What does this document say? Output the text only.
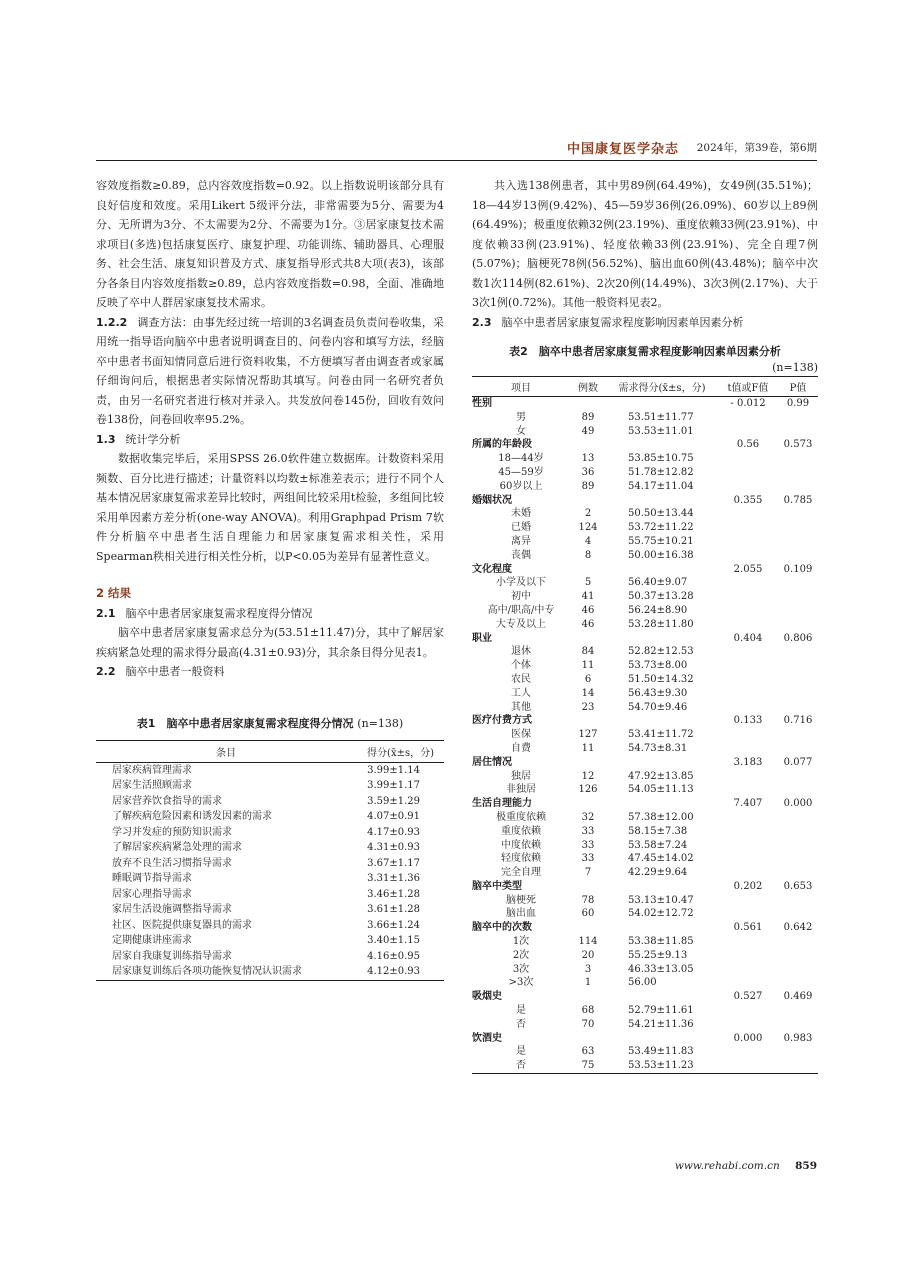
中国康复医学杂志 2024年，第39卷，第6期

容效度指数≥0.89，总内容效度指数=0.92。以上指数说明该部分具有良好信度和效度。采用Likert 5级评分法，非常需要为5分、需要为4分、无所谓为3分、不太需要为2分、不需要为1分。③居家康复技术需求项目(多选)包括康复医疗、康复护理、功能训练、辅助器具、心理服务、社会生活、康复知识普及方式、康复指导形式共8大项(表3)，该部分各条目内容效度指数≥0.89，总内容效度指数=0.98，全面、准确地反映了卒中人群居家康复技术需求。

1.2.2 调查方法：由事先经过统一培训的3名调查员负责问卷收集，采用统一指导语向脑卒中患者说明调查目的、问卷内容和填写方法，经脑卒中患者书面知情同意后进行资料收集，不方便填写者由调查者或家属仔细询问后，根据患者实际情况帮助其填写。问卷由同一名研究者负责，由另一名研究者进行核对并录入。共发放问卷145份，回收有效问卷138份，问卷回收率95.2%。

1.3 统计学分析

数据收集完毕后，采用SPSS 26.0软件建立数据库。计数资料采用频数、百分比进行描述；计量资料以均数±标准差表示；进行不同个人基本情况居家康复需求差异比较时，两组间比较采用t检验，多组间比较采用单因素方差分析(one-way ANOVA)。利用Graphpad Prism 7软件分析脑卒中患者生活自理能力和居家康复需求相关性，采用Spearman秩相关进行相关性分析，以P<0.05为差异有显著性意义。

2 结果
2.1 脑卒中患者居家康复需求程度得分情况

脑卒中患者居家康复需求总分为(53.51±11.47)分，其中了解居家疾病紧急处理的需求得分最高(4.31±0.93)分，其余条目得分见表1。

2.2 脑卒中患者一般资料
表1　脑卒中患者居家康复需求程度得分情况 (n=138)
条目	得分(x̄±s，分)
居家疾病管理需求	3.99±1.14
居家生活照顾需求	3.99±1.17
居家营养饮食指导的需求	3.59±1.29
了解疾病危险因素和诱发因素的需求	4.07±0.91
学习并发症的预防知识需求	4.17±0.93
了解居家疾病紧急处理的需求	4.31±0.93
放弃不良生活习惯指导需求	3.67±1.17
睡眠调节指导需求	3.31±1.36
居家心理指导需求	3.46±1.28
家居生活设施调整指导需求	3.61±1.28
社区、医院提供康复器具的需求	3.66±1.24
定期健康讲座需求	3.40±1.15
居家自我康复训练指导需求	4.16±0.95
居家康复训练后各项功能恢复情况认识需求	4.12±0.93

共入选138例患者，其中男89例(64.49%)，女49例(35.51%)；18—44岁13例(9.42%)、45—59岁36例(26.09%)、60岁以上89例(64.49%)；极重度依赖32例(23.19%)、重度依赖33例(23.91%)、中度依赖33例(23.91%)、轻度依赖33例(23.91%)、完全自理7例(5.07%)；脑梗死78例(56.52%)、脑出血60例(43.48%)；脑卒中次数1次114例(82.61%)、2次20例(14.49%)、3次3例(2.17%)、大于3次1例(0.72%)。其他一般资料见表2。

2.3 脑卒中患者居家康复需求程度影响因素单因素分析
表2　脑卒中患者居家康复需求程度影响因素单因素分析
(n=138)
项目	例数	需求得分(x̄±s，分)	t值或F值	P值
性别			- 0.012	0.99
男	89	53.51±11.77		
女	49	53.53±11.01		
所属的年龄段			0.56	0.573
18—44岁	13	53.85±10.75		
45—59岁	36	51.78±12.82		
60岁以上	89	54.17±11.04		
婚姻状况			0.355	0.785
未婚	2	50.50±13.44		
已婚	124	53.72±11.22		
离异	4	55.75±10.21		
丧偶	8	50.00±16.38		
文化程度			2.055	0.109
小学及以下	5	56.40±9.07		
初中	41	50.37±13.28		
高中/职高/中专	46	56.24±8.90		
大专及以上	46	53.28±11.80		
职业			0.404	0.806
退休	84	52.82±12.53		
个体	11	53.73±8.00		
农民	6	51.50±14.32		
工人	14	56.43±9.30		
其他	23	54.70±9.46		
医疗付费方式			0.133	0.716
医保	127	53.41±11.72		
自费	11	54.73±8.31		
居住情况			3.183	0.077
独居	12	47.92±13.85		
非独居	126	54.05±11.13		
生活自理能力			7.407	0.000
极重度依赖	32	57.38±12.00		
重度依赖	33	58.15±7.38		
中度依赖	33	53.58±7.24		
轻度依赖	33	47.45±14.02		
完全自理	7	42.29±9.64		
脑卒中类型			0.202	0.653
脑梗死	78	53.13±10.47		
脑出血	60	54.02±12.72		
脑卒中的次数			0.561	0.642
1次	114	53.38±11.85		
2次	20	55.25±9.13		
3次	3	46.33±13.05		
>3次	1	56.00		
吸烟史			0.527	0.469
是	68	52.79±11.61		
否	70	54.21±11.36		
饮酒史			0.000	0.983
是	63	53.49±11.83		
否	75	53.53±11.23		
www.rehabi.com.cn 859
